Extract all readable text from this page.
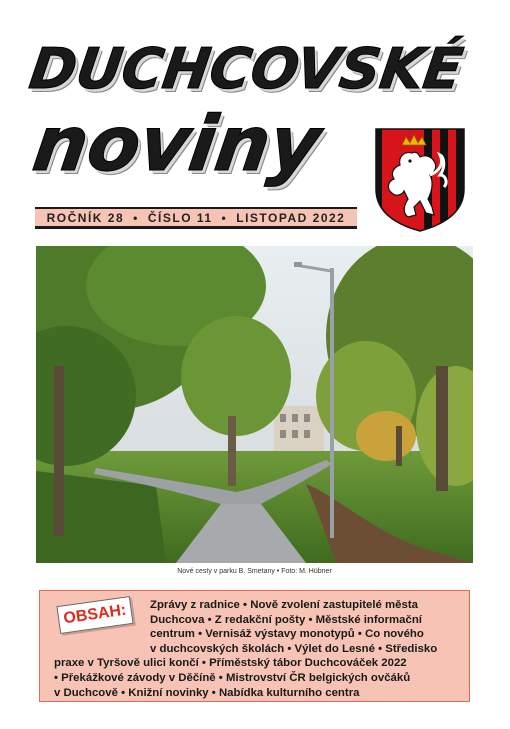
DUCHCOVSKÉ
noviny
ROČNÍK 28 • ČÍSLO 11 • LISTOPAD 2022
Nové cesty v parku B. Smetany • Foto: M. Hübner
Zprávy z radnice • Nově zvolení zastupitelé města
Duchcova • Z redakční pošty • Městské informační
centrum • Vernisáž výstavy monotypů • Co nového
v duchcovských školách • Výlet do Lesné • Středisko
praxe v Tyršově ulici končí • Příměstský tábor Duchcováček 2022
• Překážkové závody v Děčíně • Mistrovství ČR belgických ovčáků
v Duchcově • Knižní novinky • Nabídka kulturního centra
OBSAH:
